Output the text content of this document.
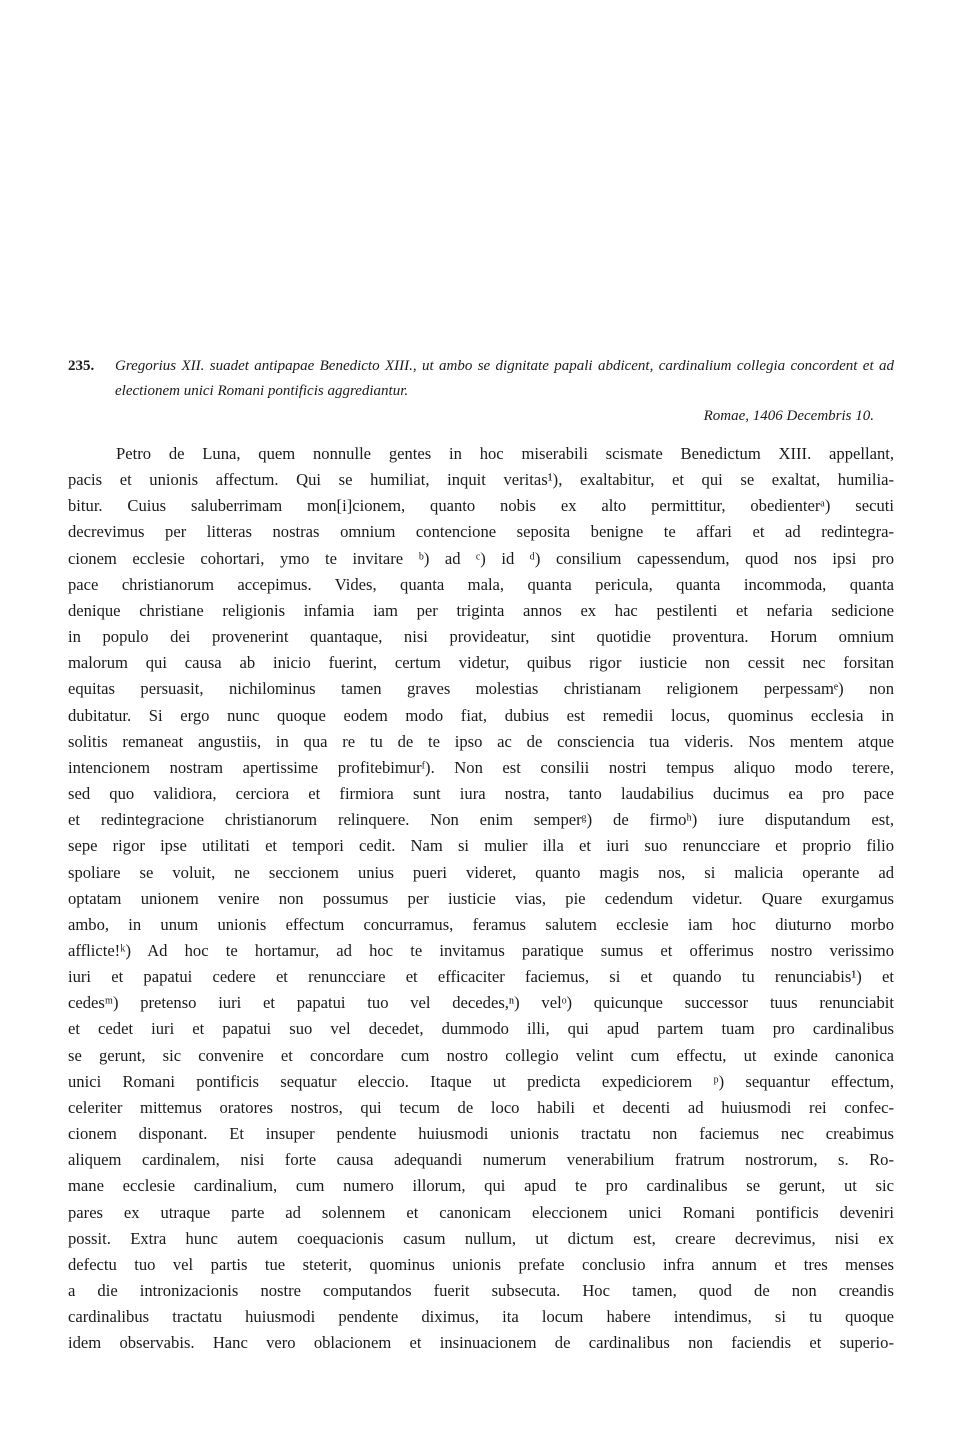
235. Gregorius XII. suadet antipapae Benedicto XIII., ut ambo se dignitate papali abdicent, cardinalium collegia concordent et ad electionem unici Romani pontificis aggrediantur.
Romae, 1406 Decembris 10.
Petro de Luna, quem nonnulle gentes in hoc miserabili scismate Benedictum XIII. appellant,
pacis et unionis affectum. Qui se humiliat, inquit veritas¹), exaltabitur, et qui se exaltat, humilia-
bitur. Cuius saluberrimam mon[i]cionem, quanto nobis ex alto permittitur, obedienterᵃ) secuti
decrevimus per litteras nostras omnium contencione seposita benigne te affari et ad redintegra-
cionem ecclesie cohortari, ymo te invitare ᵇ) ad ᶜ) id ᵈ) consilium capessendum, quod nos ipsi pro
pace christianorum accepimus. Vides, quanta mala, quanta pericula, quanta incommoda, quanta
denique christiane religionis infamia iam per triginta annos ex hac pestilenti et nefaria sedicione
in populo dei provenerint quantaque, nisi provideatur, sint quotidie proventura. Horum omnium
malorum qui causa ab inicio fuerint, certum videtur, quibus rigor iusticie non cessit nec forsitan
equitas persuasit, nichilominus tamen graves molestias christianam religionem perpessamᵉ) non
dubitatur. Si ergo nunc quoque eodem modo fiat, dubius est remedii locus, quominus ecclesia in
solitis remaneat angustiis, in qua re tu de te ipso ac de consciencia tua videris. Nos mentem atque
intencionem nostram apertissime profitebimurᶠ). Non est consilii nostri tempus aliquo modo terere,
sed quo validiora, cerciora et firmiora sunt iura nostra, tanto laudabilius ducimus ea pro pace
et redintegracione christianorum relinquere. Non enim semperᵍ) de firmoʰ) iure disputandum est,
sepe rigor ipse utilitati et tempori cedit. Nam si mulier illa et iuri suo renuncciare et proprio filio
spoliare se voluit, ne seccionem unius pueri videret, quanto magis nos, si malicia operante ad
optatam unionem venire non possumus per iusticie vias, pie cedendum videtur. Quare exurgamus
ambo, in unum unionis effectum concurramus, feramus salutem ecclesie iam hoc diuturno morbo
afflicte!ᵏ) Ad hoc te hortamur, ad hoc te invitamus paratique sumus et offerimus nostro verissimo
iuri et papatui cedere et renuncciare et efficaciter faciemus, si et quando tu renunciabis¹) et
cedesᵐ) pretenso iuri et papatui tuo vel decedes,ⁿ) velᵒ) quicunque successor tuus renunciabit
et cedet iuri et papatui suo vel decedet, dummodo illi, qui apud partem tuam pro cardinalibus
se gerunt, sic convenire et concordare cum nostro collegio velint cum effectu, ut exinde canonica
unici Romani pontificis sequatur eleccio. Itaque ut predicta expediciorem ᵖ) sequantur effectum,
celeriter mittemus oratores nostros, qui tecum de loco habili et decenti ad huiusmodi rei confec-
cionem disponant. Et insuper pendente huiusmodi unionis tractatu non faciemus nec creabimus
aliquem cardinalem, nisi forte causa adequandi numerum venerabilium fratrum nostrorum, s. Ro-
mane ecclesie cardinalium, cum numero illorum, qui apud te pro cardinalibus se gerunt, ut sic
pares ex utraque parte ad solennem et canonicam eleccionem unici Romani pontificis deveniri
possit. Extra hunc autem coequacionis casum nullum, ut dictum est, creare decrevimus, nisi ex
defectu tuo vel partis tue steterit, quominus unionis prefate conclusio infra annum et tres menses
a die intronizacionis nostre computandos fuerit subsecuta. Hoc tamen, quod de non creandis
cardinalibus tractatu huiusmodi pendente diximus, ita locum habere intendimus, si tu quoque
idem observabis. Hanc vero oblacionem et insinuacionem de cardinalibus non faciendis et superio-
